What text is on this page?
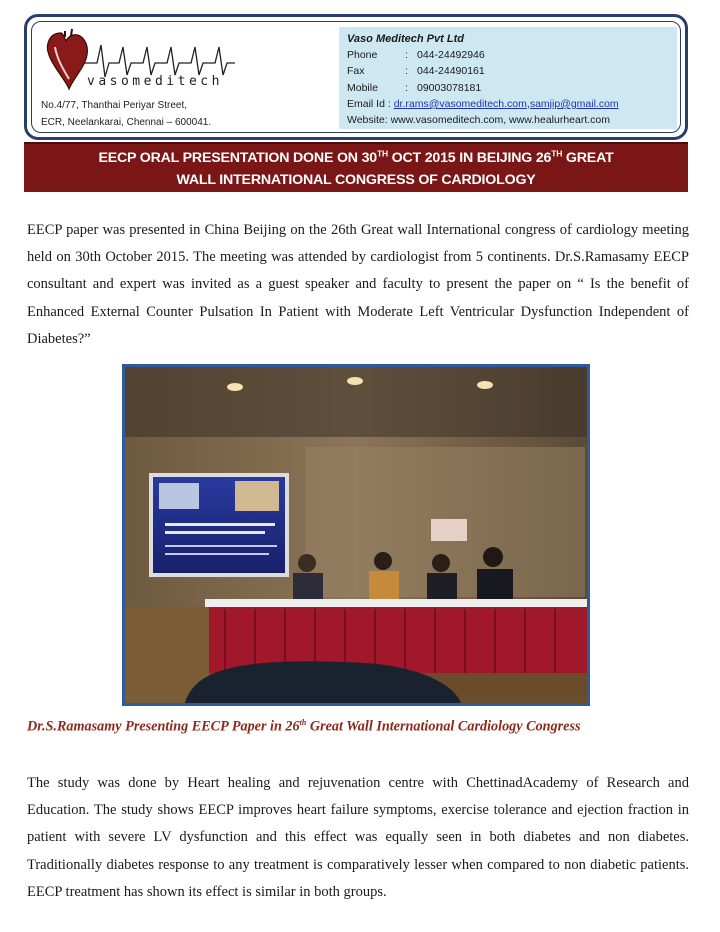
vasomeditech
No.4/77, Thanthai Periyar Street,
ECR, Neelankarai, Chennai – 600041.
Vaso Meditech Pvt Ltd
Phone	: 044-24492946
Fax	: 044-24490161
Mobile	: 09003078181
Email Id : dr.rams@vasomeditech.com,samjip@gmail.com
Website: www.vasomeditech.com, www.healurheart.com
EECP ORAL PRESENTATION DONE ON 30TH OCT 2015 IN BEIJING 26TH GREAT
WALL INTERNATIONAL CONGRESS OF CARDIOLOGY
EECP paper was presented in China Beijing on the 26th Great wall International congress of cardiology meeting held on 30th October 2015. The meeting was attended by cardiologist from 5 continents. Dr.S.Ramasamy EECP consultant and expert was invited as a guest speaker and faculty to present the paper on “ Is the benefit of Enhanced External Counter Pulsation In Patient with Moderate Left Ventricular Dysfunction Independent of Diabetes?”
Dr.S.Ramasamy Presenting EECP Paper in 26th Great Wall International Cardiology Congress
The study was done by Heart healing and rejuvenation centre with ChettinadAcademy of Research and Education. The study shows EECP improves heart failure symptoms, exercise tolerance and ejection fraction in patient with severe LV dysfunction and this effect was equally seen in both diabetes and non diabetes. Traditionally diabetes response to any treatment is comparatively lesser when compared to non diabetic patients. EECP treatment has shown its effect is similar in both groups.
